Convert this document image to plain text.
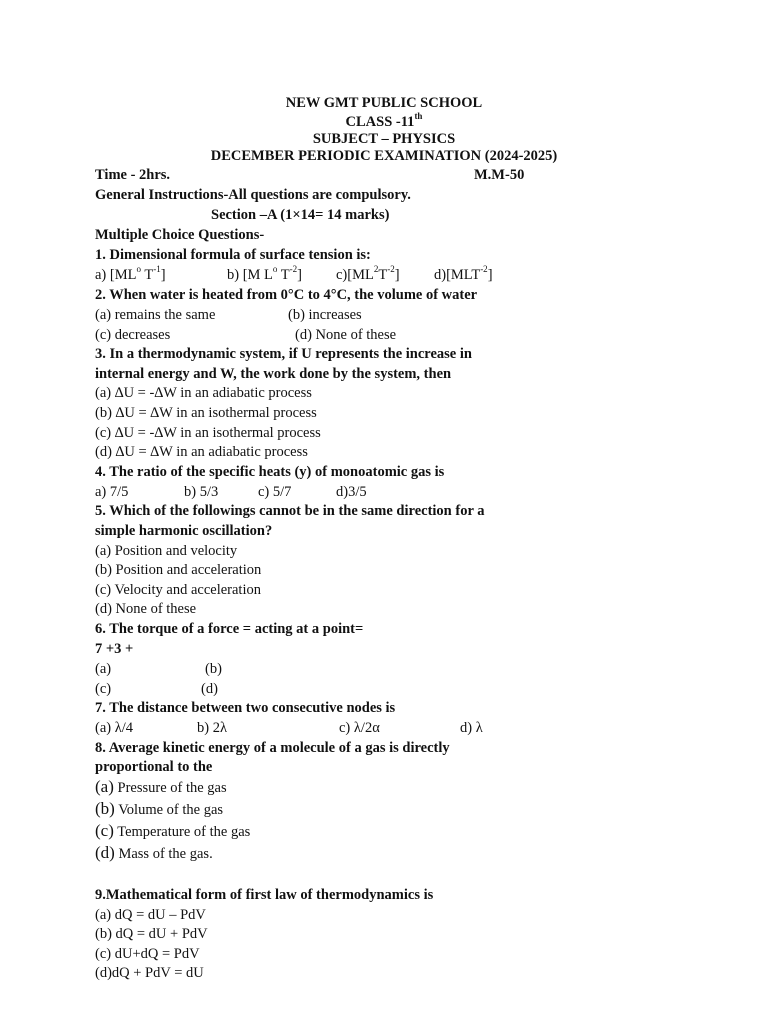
NEW GMT PUBLIC SCHOOL
CLASS -11th
SUBJECT – PHYSICS
DECEMBER PERIODIC EXAMINATION (2024-2025)
Time - 2hrs.	M.M-50
General Instructions-All questions are compulsory.
Section –A (1×14= 14 marks)
Multiple Choice Questions-
1. Dimensional formula of surface tension is:
a) [$ML^o$ $T^{-1}$]	b) [M $L^o$ $T^{-2}$] $c)[ML^2T^{-2}]$ $d)[MLT^{-2}]$
2. When water is heated from 0°C to 4°C, the volume of water
(a) remains the same	(b) increases
(c) decreases	(d) None of these
3. In a thermodynamic system, if U represents the increase in
internal energy and W, the work done by the system, then
(a) ∆U = -∆W in an adiabatic process
(b) ∆U = ∆W in an isothermal process
(c) ∆U = -∆W in an isothermal process
(d) ∆U = ∆W in an adiabatic process
4. The ratio of the specific heats (y) of monoatomic gas is
a) 7/5	b) 5/3	c) 5/7	d)3/5
5. Which of the followings cannot be in the same direction for a
simple harmonic oscillation?
(a) Position and velocity
(b) Position and acceleration
(c) Velocity and acceleration
(d) None of these
6. The torque of a force = acting at a point=
7 +3 +
(a)	(b)
(c)	(d)
7. The distance between two consecutive nodes is
(a) λ/4	b) 2λ	c) λ/2α	d) λ
8. Average kinetic energy of a molecule of a gas is directly
proportional to the
(a) Pressure of the gas
(b) Volume of the gas
(c) Temperature of the gas
(d) Mass of the gas.
9.Mathematical form of first law of thermodynamics is
(a) dQ = dU – PdV
(b) dQ = dU + PdV
(c) dU+dQ = PdV
(d)dQ + PdV = dU
